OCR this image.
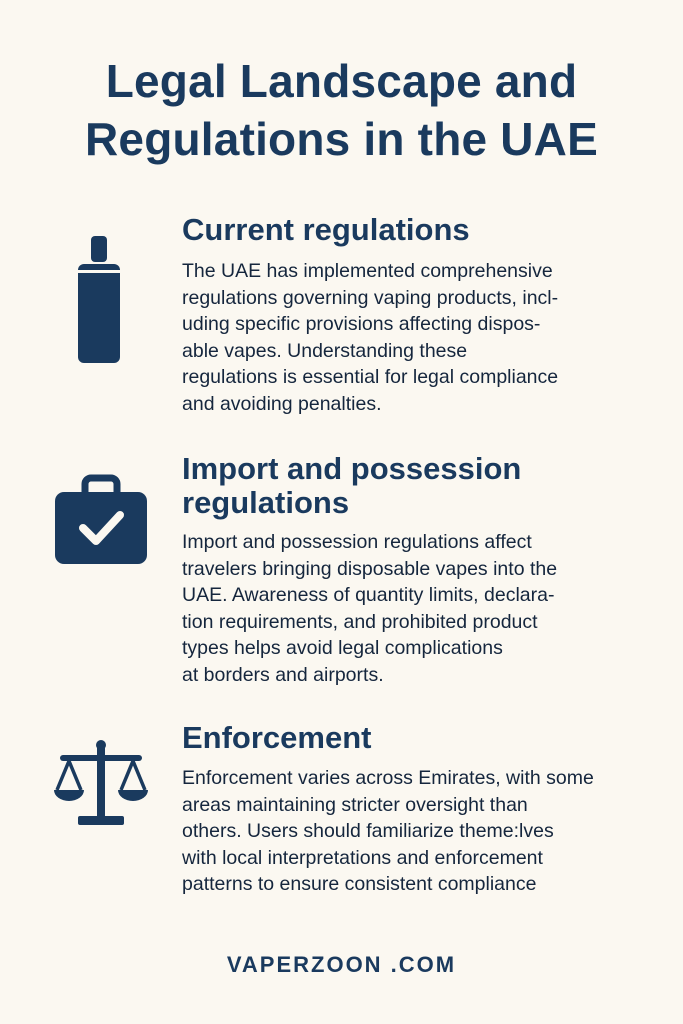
Legal Landscape and
Regulations in the UAE
Current regulations
The UAE has implemented comprehensive
regulations governing vaping products, incl-
uding specific provisions affecting dispos-
able vapes. Understanding these
regulations is essential for legal compliance
and avoiding penalties.
Import and possession
regulations
Import and possession regulations affect
travelers bringing disposable vapes into the
UAE. Awareness of quantity limits, declara-
tion requirements, and prohibited product
types helps avoid legal complications
at borders and airports.
Enforcement
Enforcement varies across Emirates, with some
areas maintaining stricter oversight than
others. Users should familiarize theme:lves
with local interpretations and enforcement
patterns to ensure consistent compliance
VAPERZOON .COM
